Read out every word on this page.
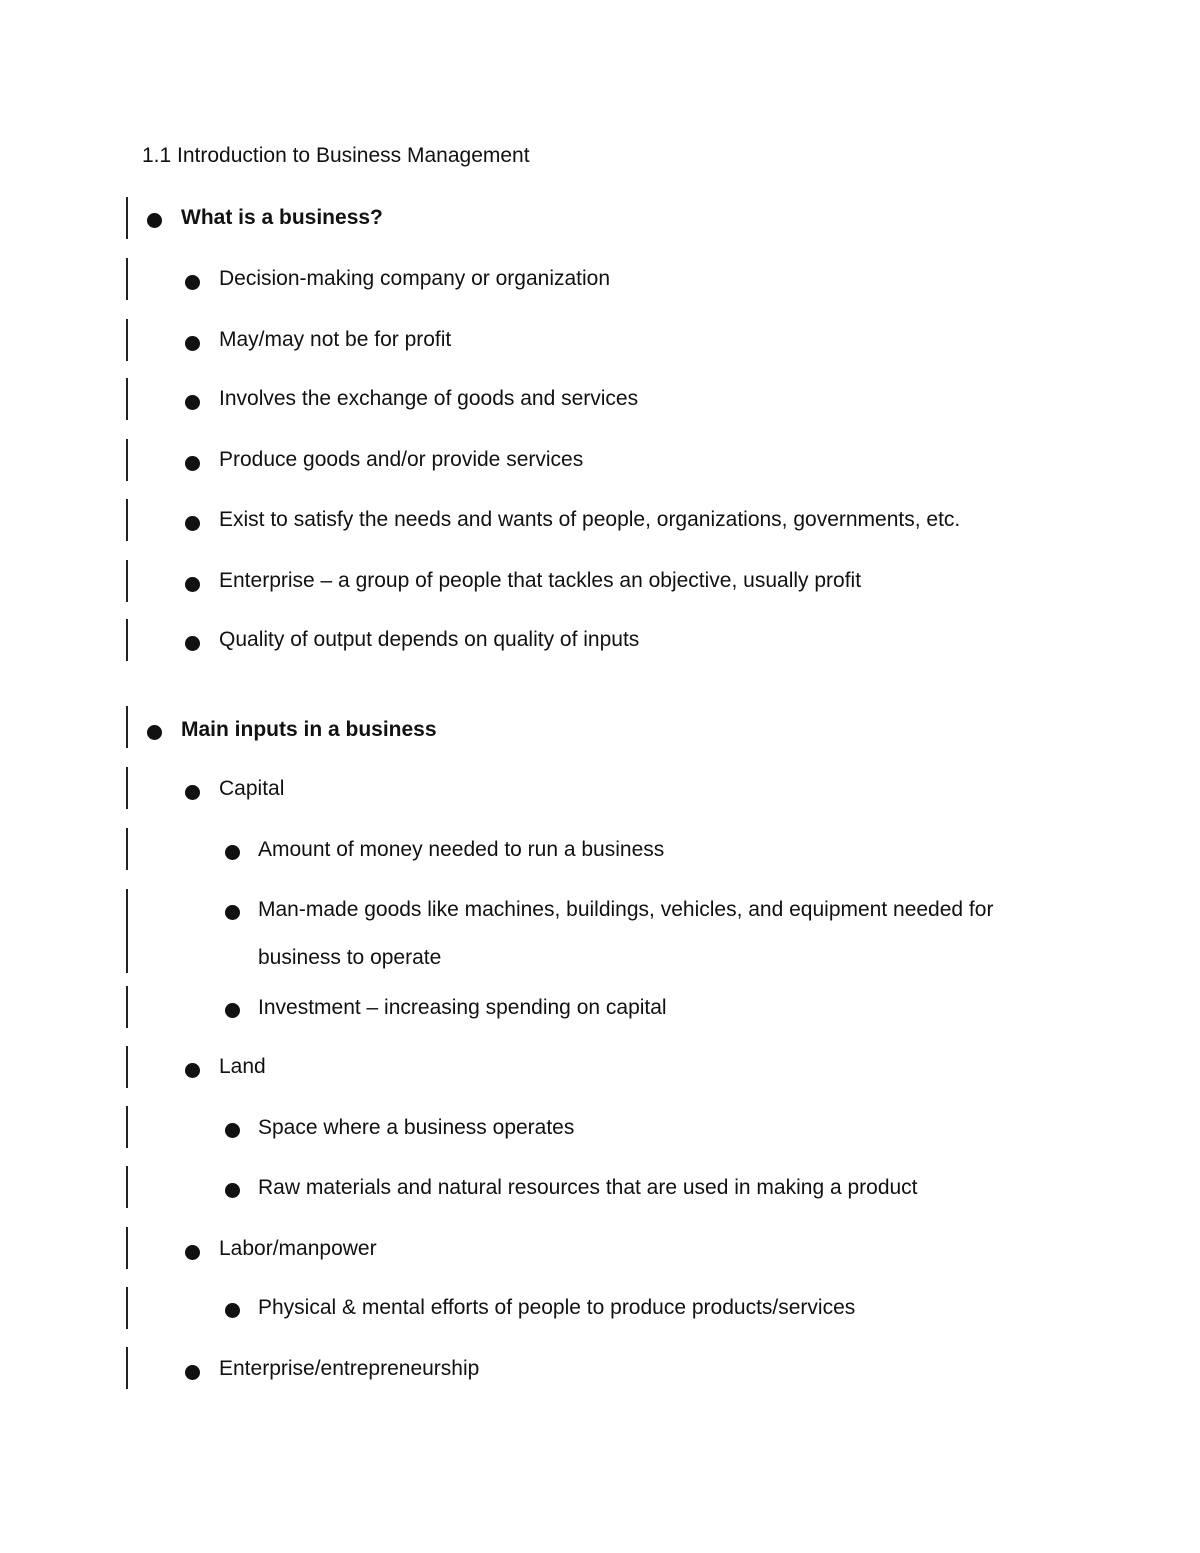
1.1 Introduction to Business Management
What is a business?
Decision-making company or organization
May/may not be for profit
Involves the exchange of goods and services
Produce goods and/or provide services
Exist to satisfy the needs and wants of people, organizations, governments, etc.
Enterprise – a group of people that tackles an objective, usually profit
Quality of output depends on quality of inputs
Main inputs in a business
Capital
Amount of money needed to run a business
Man-made goods like machines, buildings, vehicles, and equipment needed for business to operate
Investment – increasing spending on capital
Land
Space where a business operates
Raw materials and natural resources that are used in making a product
Labor/manpower
Physical & mental efforts of people to produce products/services
Enterprise/entrepreneurship
